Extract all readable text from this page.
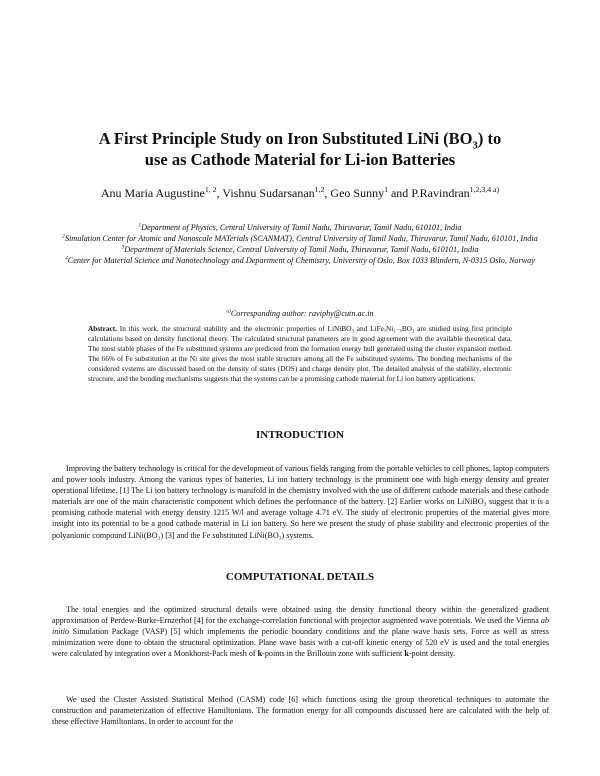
A First Principle Study on Iron Substituted LiNi $(BO_3)$ to
use as Cathode Material for Li-ion Batteries

Anu Maria Augustine$^{1, 2}$, Vishnu Sudarsanan$^{1,2}$, Geo Sunny$^1$ and P.Ravindran$^{1,2,3,4 a)}$

$^1$Department of Physics, Central University of Tamil Nadu, Thiruvarur, Tamil Nadu, 610101, India
$^2$Simulation Center for Atomic and Nanoscale MATerials (SCANMAT), Central University of Tamil Nadu, Thiruvarur, Tamil Nadu, 610101, India
$^3$Department of Materials Science, Central University of Tamil Nadu, Thiruvarur, Tamil Nadu, 610101, India
$^4$Center for Material Science and Nanotechnology and Department of Chemistry, University of Oslo, Box 1033 Blindern, N-0315 Oslo, Norway

$^{a)}$Corresponding author: raviphy@cutn.ac.in

Abstract. In this work, the structural stability and the electronic properties of LiNiBO₃ and LiFeₓNi₁₋ₓBO₃ are studied using first principle calculations based on density functional theory. The calculated structural parameters are in good agreement with the available theoretical data. The most stable phases of the Fe substituted systems are predicted from the formation energy hull generated using the cluster expansion method. The 66% of Fe substitution at the Ni site gives the most stable structure among all the Fe substituted systems. The bonding mechanisms of the considered systems are discussed based on the density of states (DOS) and charge density plot. The detailed analysis of the stability, electronic structure, and the bonding mechanisms suggests that the systems can be a promising cathode material for Li ion battery applications.

INTRODUCTION

Improving the battery technology is critical for the development of various fields ranging from the portable vehicles to cell phones, laptop computers and power tools industry. Among the various types of batteries, Li ion battery technology is the prominent one with high energy density and greater operational lifetime. [1] The Li ion battery technology is manifold in the chemistry involved with the use of different cathode materials and these cathode materials are one of the main characteristic component which defines the performance of the battery. [2] Earlier works on LiNiBO₃ suggest that it is a promising cathode material with energy density 1215 W/l and average voltage 4.71 eV. The study of electronic properties of the material gives more insight into its potential to be a good cathode material in Li ion battery. So here we present the study of phase stability and electronic properties of the polyanionic compound LiNi(BO₃) [3] and the Fe substituted LiNi(BO₃) systems.

COMPUTATIONAL DETAILS

The total energies and the optimized structural details were obtained using the density functional theory within the generalized gradient approximation of Perdew-Burke-Ernzerhof [4] for the exchange-correlation functional with projector augmented wave potentials. We used the Vienna ab initio Simulation Package (VASP) [5] which implements the periodic boundary conditions and the plane wave basis sets. Force as well as stress minimization were done to obtain the structural optimization. Plane wave basis with a cut-off kinetic energy of 520 eV is used and the total energies were calculated by integration over a Monkhorst-Pack mesh of k-points in the Brillouin zone with sufficient k-point density.

We used the Cluster Assisted Statistical Method (CASM) code [6] which functions using the group theoretical techniques to automate the construction and parameterization of effective Hamiltonians. The formation energy for all compounds discussed here are calculated with the help of these effective Hamiltonians. In order to account for the
